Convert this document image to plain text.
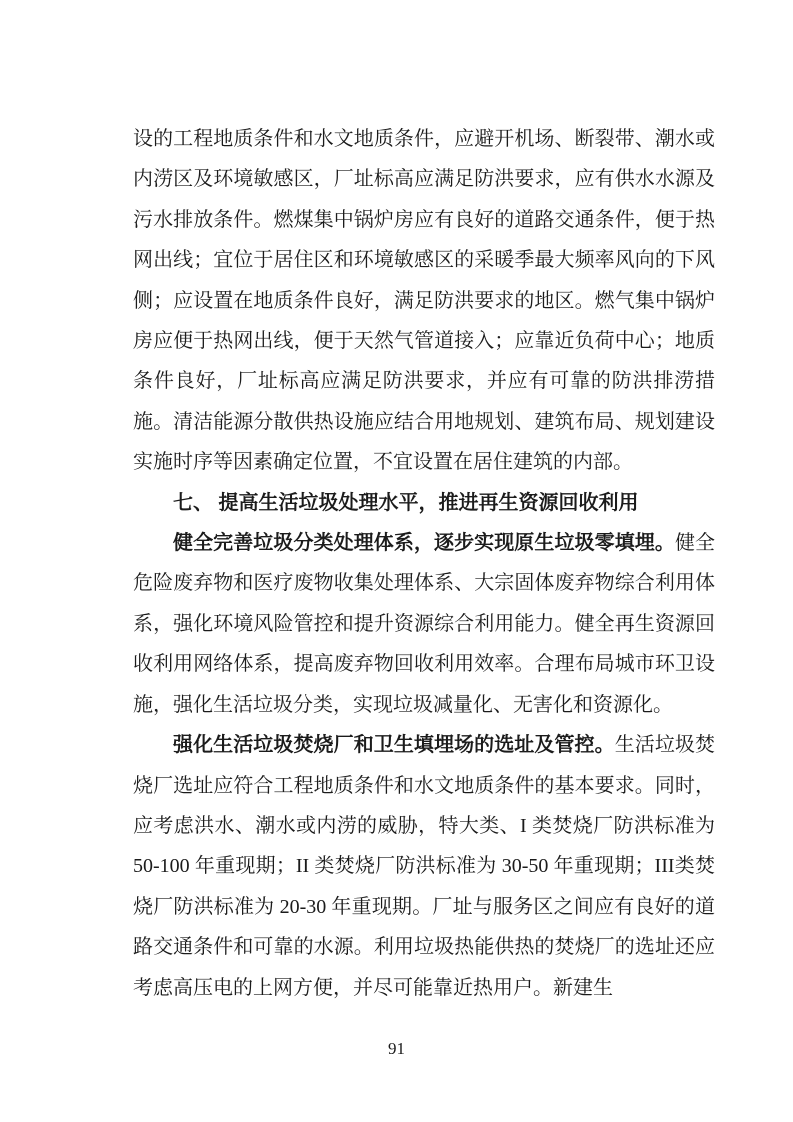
设的工程地质条件和水文地质条件，应避开机场、断裂带、潮水或内涝区及环境敏感区，厂址标高应满足防洪要求，应有供水水源及污水排放条件。燃煤集中锅炉房应有良好的道路交通条件，便于热网出线；宜位于居住区和环境敏感区的采暖季最大频率风向的下风侧；应设置在地质条件良好，满足防洪要求的地区。燃气集中锅炉房应便于热网出线，便于天然气管道接入；应靠近负荷中心；地质条件良好，厂址标高应满足防洪要求，并应有可靠的防洪排涝措施。清洁能源分散供热设施应结合用地规划、建筑布局、规划建设实施时序等因素确定位置，不宜设置在居住建筑的内部。

七、 提高生活垃圾处理水平，推进再生资源回收利用

健全完善垃圾分类处理体系，逐步实现原生垃圾零填埋。健全危险废弃物和医疗废物收集处理体系、大宗固体废弃物综合利用体系，强化环境风险管控和提升资源综合利用能力。健全再生资源回收利用网络体系，提高废弃物回收利用效率。合理布局城市环卫设施，强化生活垃圾分类，实现垃圾减量化、无害化和资源化。

强化生活垃圾焚烧厂和卫生填埋场的选址及管控。生活垃圾焚烧厂选址应符合工程地质条件和水文地质条件的基本要求。同时，应考虑洪水、潮水或内涝的威胁，特大类、I 类焚烧厂防洪标准为 50-100 年重现期；II 类焚烧厂防洪标准为 30-50 年重现期；III类焚烧厂防洪标准为 20-30 年重现期。厂址与服务区之间应有良好的道路交通条件和可靠的水源。利用垃圾热能供热的焚烧厂的选址还应考虑高压电的上网方便，并尽可能靠近热用户。新建生

91
